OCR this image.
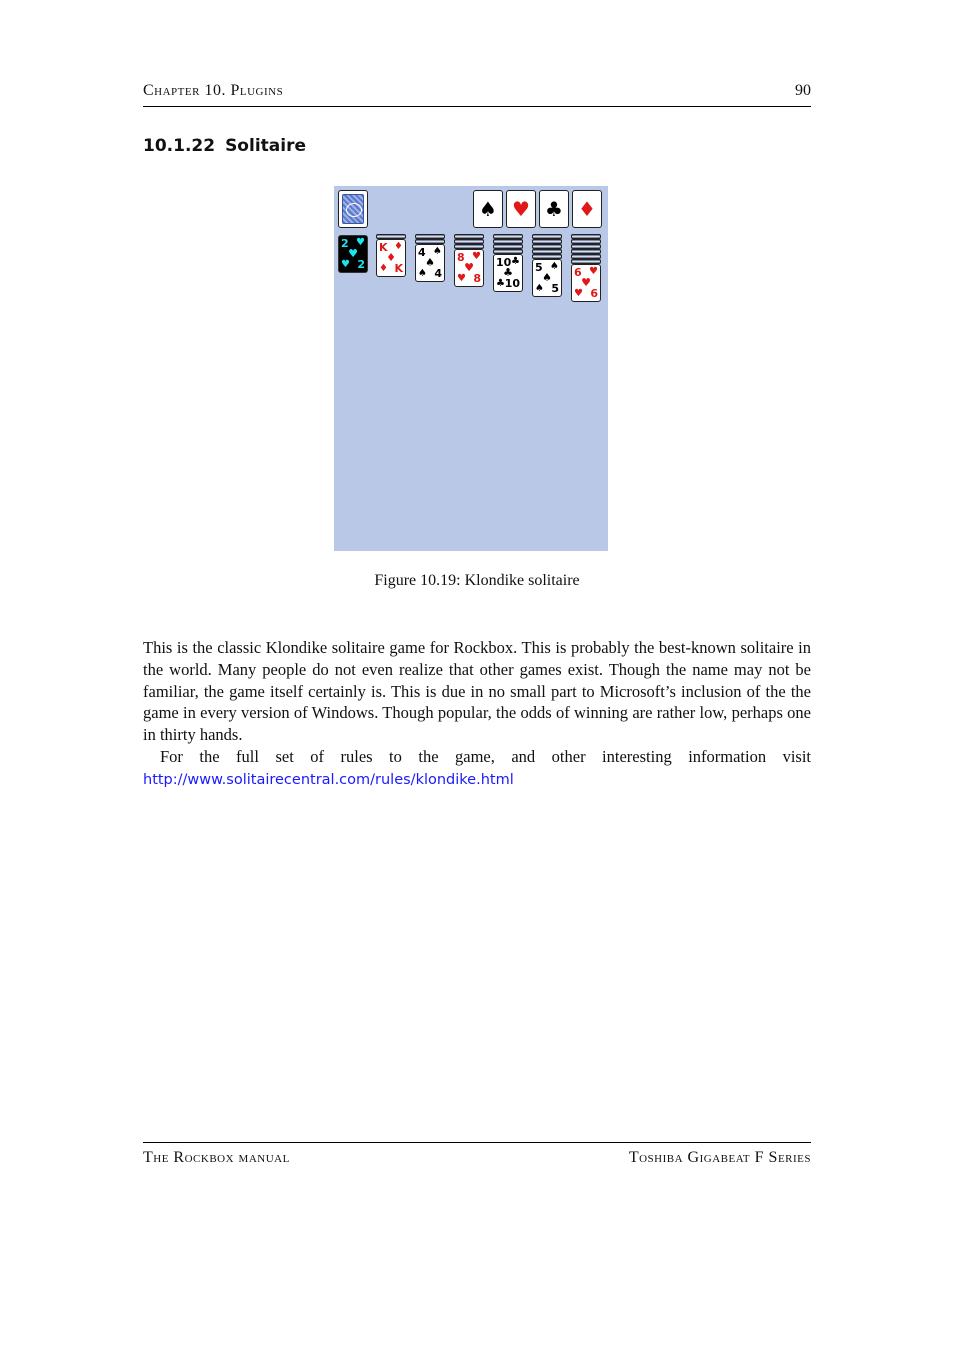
Chapter 10. Plugins	90
10.1.22 Solitaire
2 ♥
♥
♥ 2
♠ ♥ ♣ ♦
K ♦
♦
♦ K
4 ♠
♠
♠ 4
8 ♥
♥
♥ 8
10 ♣
♣
♣ 10
5 ♠
♠
♠ 5
6 ♥
♥
♥ 6
Figure 10.19: Klondike solitaire
This is the classic Klondike solitaire game for Rockbox. This is probably the best-known solitaire in the world. Many people do not even realize that other games exist. Though the name may not be familiar, the game itself certainly is. This is due in no small part to Microsoft’s inclusion of the the game in every version of Windows. Though popular, the odds of winning are rather low, perhaps one in thirty hands.
For the full set of rules to the game, and other interesting information visit http://www.solitairecentral.com/rules/klondike.html
The Rockbox manual	Toshiba Gigabeat F Series
